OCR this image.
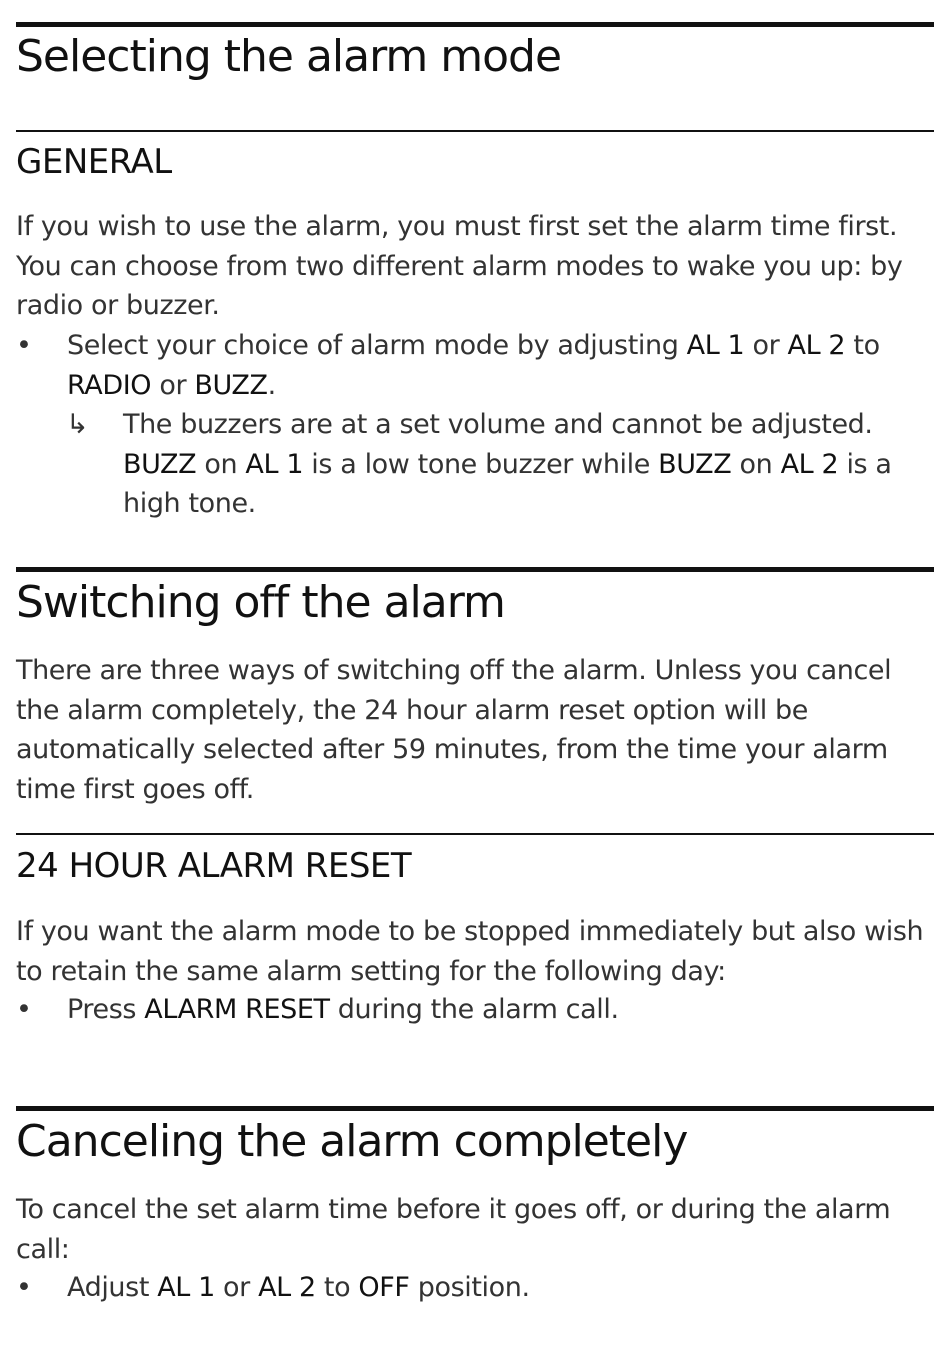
Selecting the alarm mode
GENERAL

If you wish to use the alarm, you must first set the alarm time first. You can choose from two different alarm modes to wake you up: by radio or buzzer.

• Select your choice of alarm mode by adjusting AL 1 or AL 2 to RADIO or BUZZ.
↳	The buzzers are at a set volume and cannot be adjusted. BUZZ on AL 1 is a low tone buzzer while BUZZ on AL 2 is a high tone.
Switching off the alarm

There are three ways of switching off the alarm. Unless you cancel the alarm completely, the 24 hour alarm reset option will be automatically selected after 59 minutes, from the time your alarm time first goes off.

24 HOUR ALARM RESET

If you want the alarm mode to be stopped immediately but also wish to retain the same alarm setting for the following day:

• Press ALARM RESET during the alarm call.
Canceling the alarm completely

To cancel the set alarm time before it goes off, or during the alarm call:

• Adjust AL 1 or AL 2 to OFF position.
